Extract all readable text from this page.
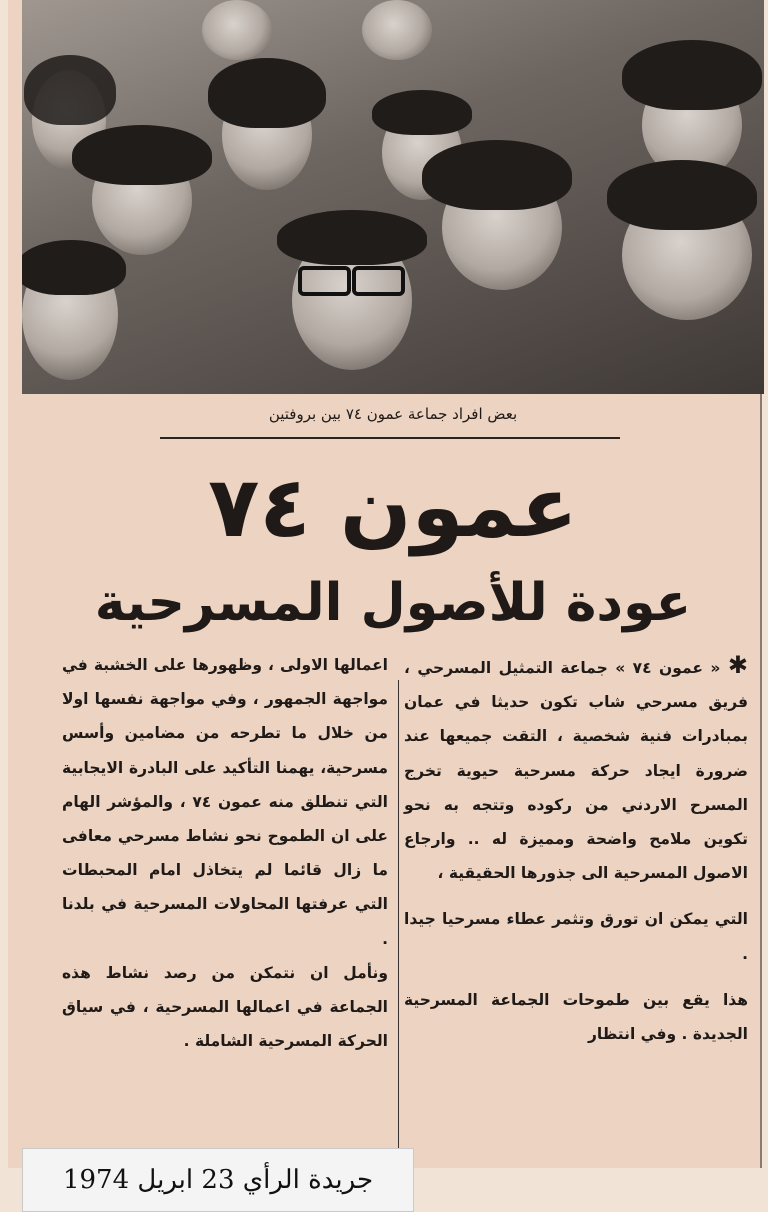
بعض افراد جماعة عمون ٧٤ بين بروفتين
عمون ٧٤
عودة للأصول المسرحية

✱ « عمون ٧٤ » جماعة التمثيل المسرحي ، فريق مسرحي شاب تكون حديثا في عمان بمبادرات فنية شخصية ، التقت جميعها عند ضرورة ايجاد حركة مسرحية حيوية تخرج المسرح الاردني من ركوده وتتجه به نحو تكوين ملامح واضحة ومميزة له .. وارجاع الاصول المسرحية الى جذورها الحقيقية ،

التي يمكن ان تورق وتثمر عطاء مسرحيا جيدا .

هذا يقع بين طموحات الجماعة المسرحية الجديدة . وفي انتظار

اعمالها الاولى ، وظهورها على الخشبة في مواجهة الجمهور ، وفي مواجهة نفسها اولا من خلال ما تطرحه من مضامين وأسس مسرحية، يهمنا التأكيد على البادرة الايجابية التي تنطلق منه عمون ٧٤ ، والمؤشر الهام على ان الطموح نحو نشاط مسرحي معافى ما زال قائما لم يتخاذل امام المحبطات التي عرفتها المحاولات المسرحية في بلدنا .

ونأمل ان نتمكن من رصد نشاط هذه الجماعة في اعمالها المسرحية ، في سياق الحركة المسرحية الشاملة .

جريدة الرأي 23 ابريل 1974
